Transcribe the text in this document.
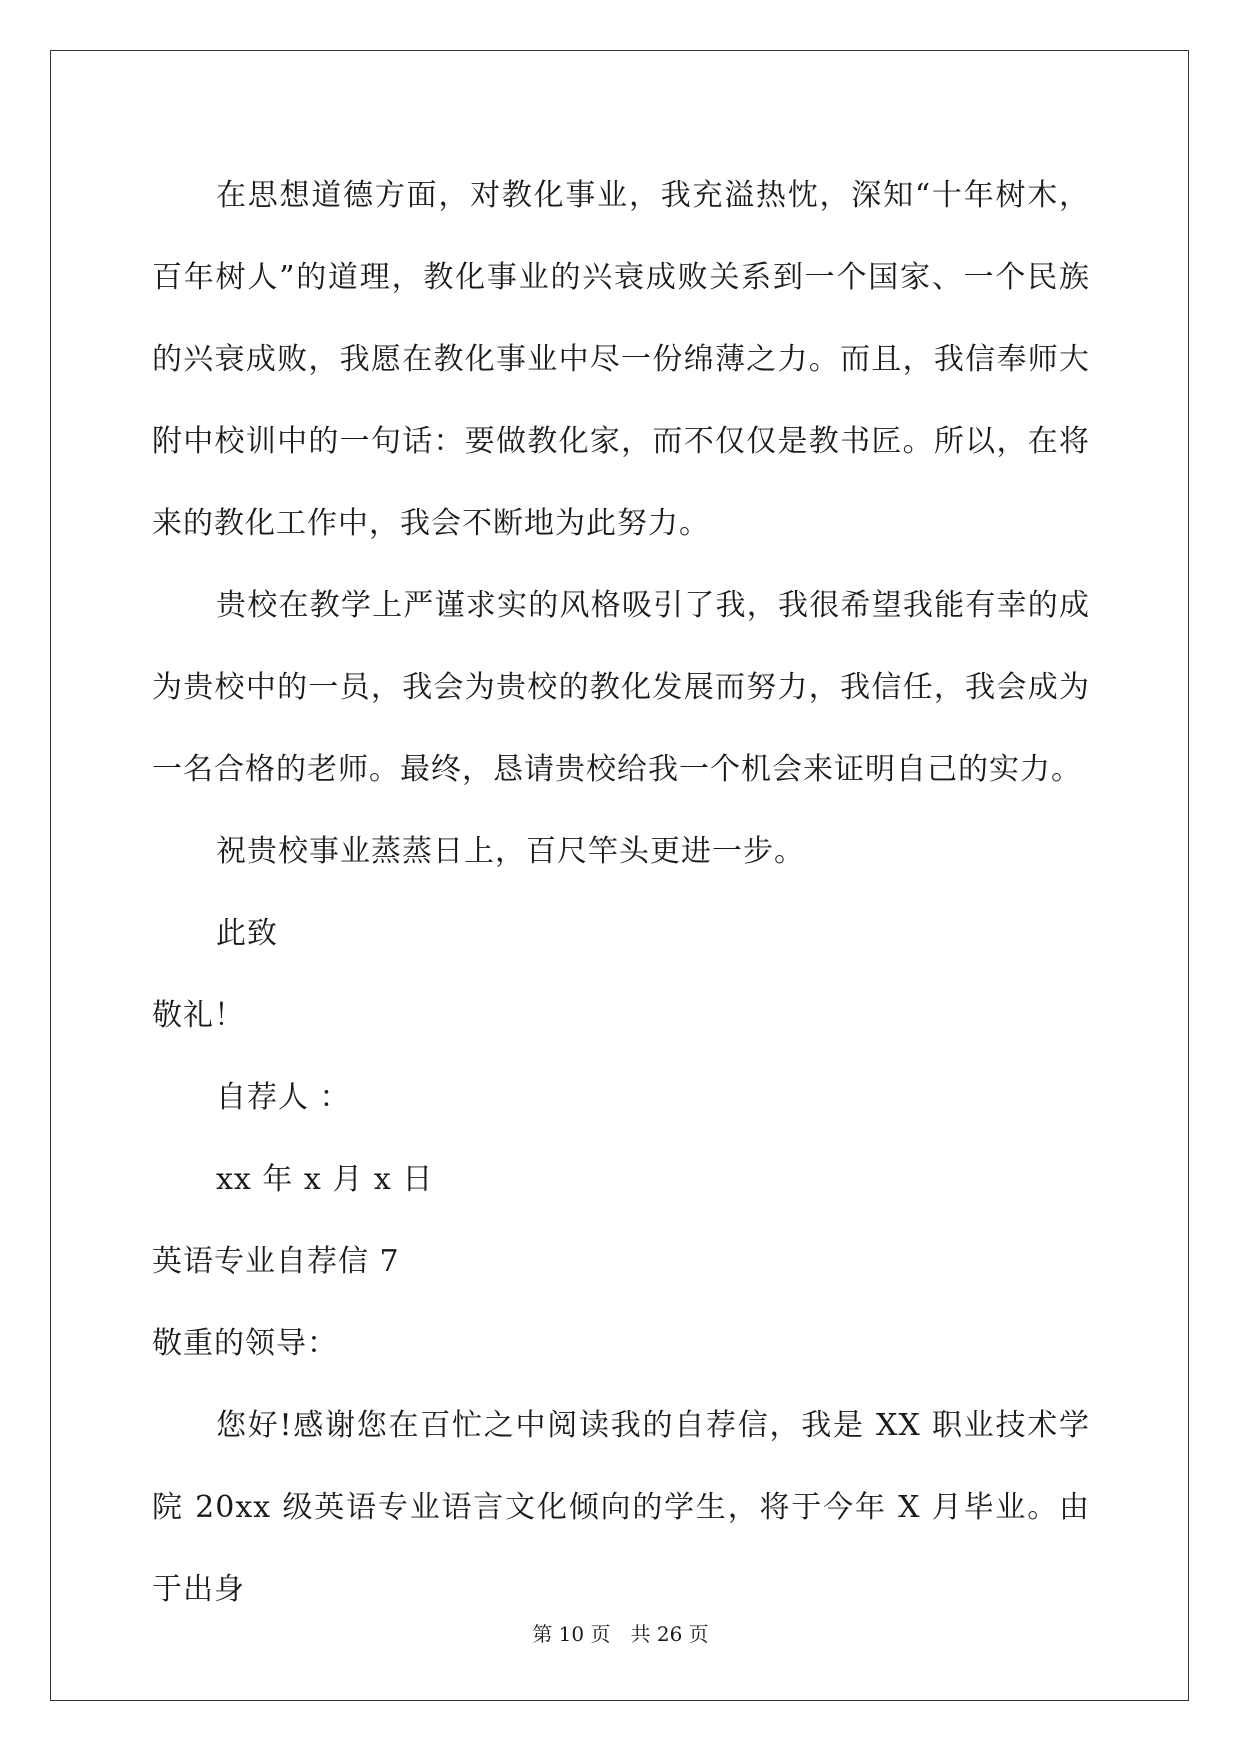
在思想道德方面，对教化事业，我充溢热忱，深知“十年树木，百年树人”的道理，教化事业的兴衰成败关系到一个国家、一个民族的兴衰成败，我愿在教化事业中尽一份绵薄之力。而且，我信奉师大附中校训中的一句话：要做教化家，而不仅仅是教书匠。所以，在将来的教化工作中，我会不断地为此努力。

贵校在教学上严谨求实的风格吸引了我，我很希望我能有幸的成为贵校中的一员，我会为贵校的教化发展而努力，我信任，我会成为一名合格的老师。最终，恳请贵校给我一个机会来证明自己的实力。

祝贵校事业蒸蒸日上，百尺竿头更进一步。

此致

敬礼！

自荐人 ：

xx 年 x 月 x 日

英语专业自荐信 7

敬重的领导：

您好!感谢您在百忙之中阅读我的自荐信，我是 XX 职业技术学院 20xx 级英语专业语言文化倾向的学生，将于今年 X 月毕业。由于出身

第 10 页　共 26 页
